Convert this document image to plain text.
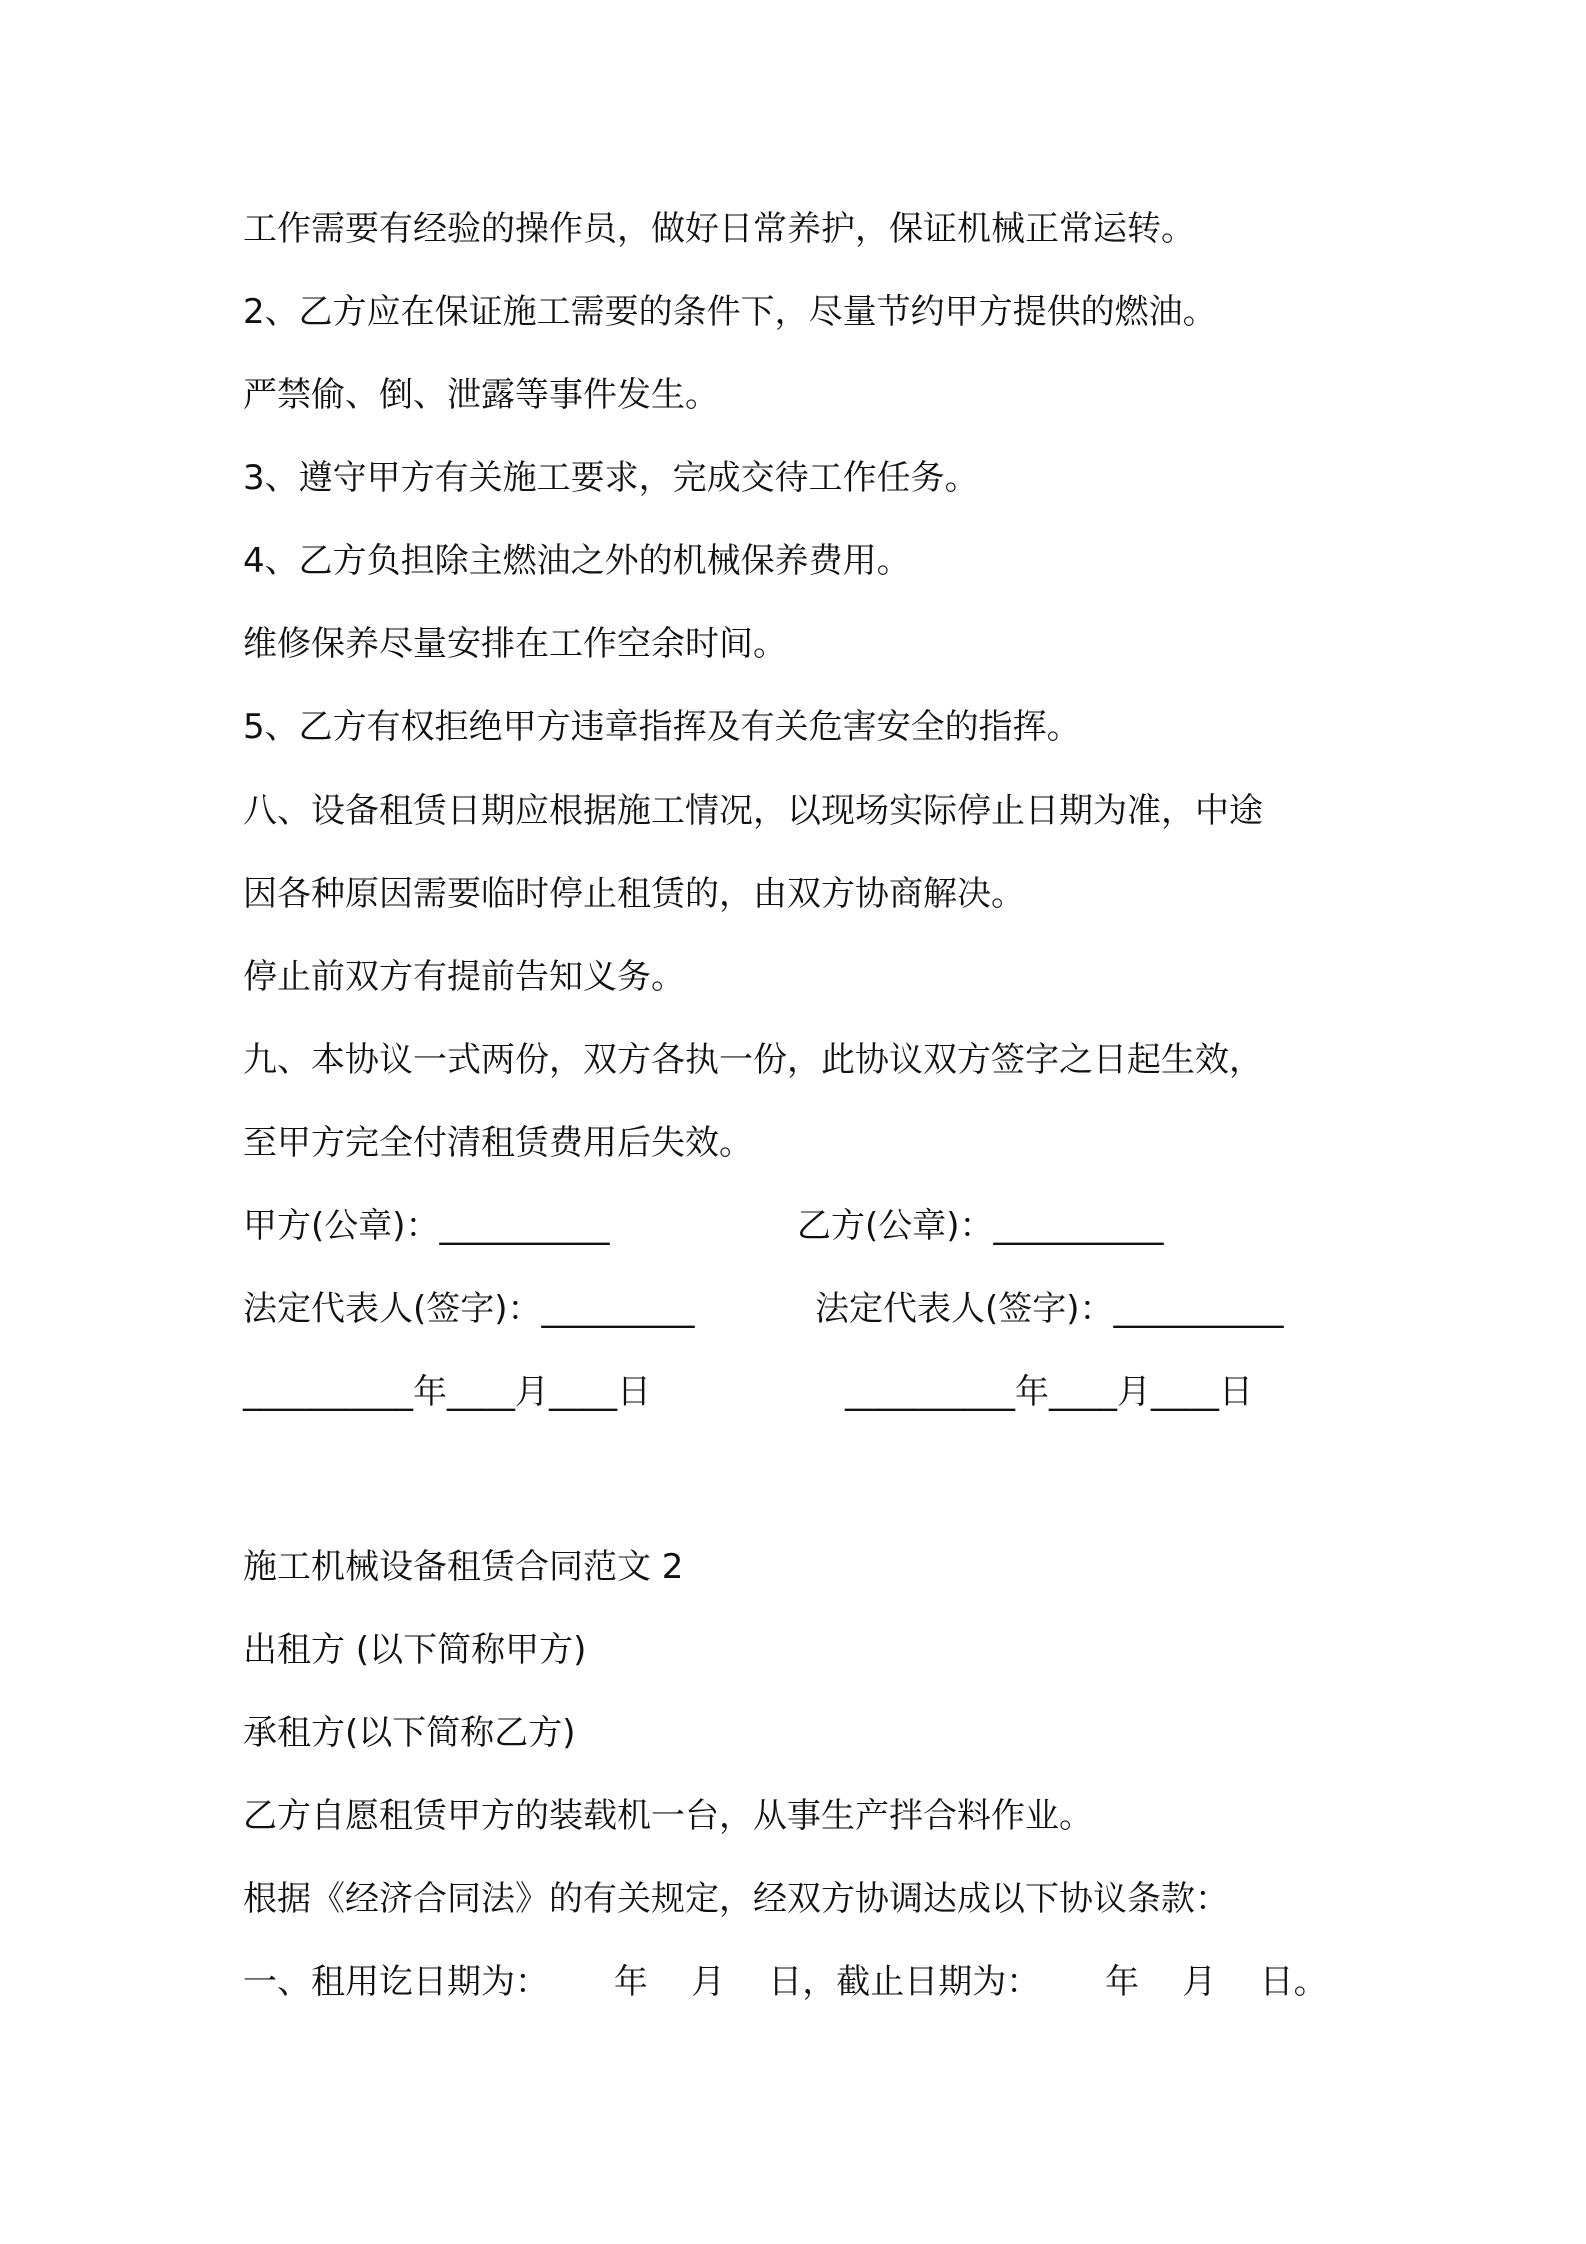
工作需要有经验的操作员，做好日常养护，保证机械正常运转。
2、乙方应在保证施工需要的条件下，尽量节约甲方提供的燃油。
严禁偷、倒、泄露等事件发生。
3、遵守甲方有关施工要求，完成交待工作任务。
4、乙方负担除主燃油之外的机械保养费用。
维修保养尽量安排在工作空余时间。
5、乙方有权拒绝甲方违章指挥及有关危害安全的指挥。
八、设备租赁日期应根据施工情况，以现场实际停止日期为准，中途
因各种原因需要临时停止租赁的，由双方协商解决。
停止前双方有提前告知义务。
九、本协议一式两份，双方各执一份，此协议双方签字之日起生效，
至甲方完全付清租赁费用后失效。
甲方(公章)：__________	乙方(公章)：__________
法定代表人(签字)：_________	法定代表人(签字)：__________
__________年____月____日	__________年____月____日
施工机械设备租赁合同范文 2
出租方 (以下简称甲方)
承租方(以下简称乙方)
乙方自愿租赁甲方的装载机一台，从事生产拌合料作业。
根据《经济合同法》的有关规定，经双方协调达成以下协议条款：
一、租用讫日期为：      年    月    日，截止日期为：      年    月    日。
